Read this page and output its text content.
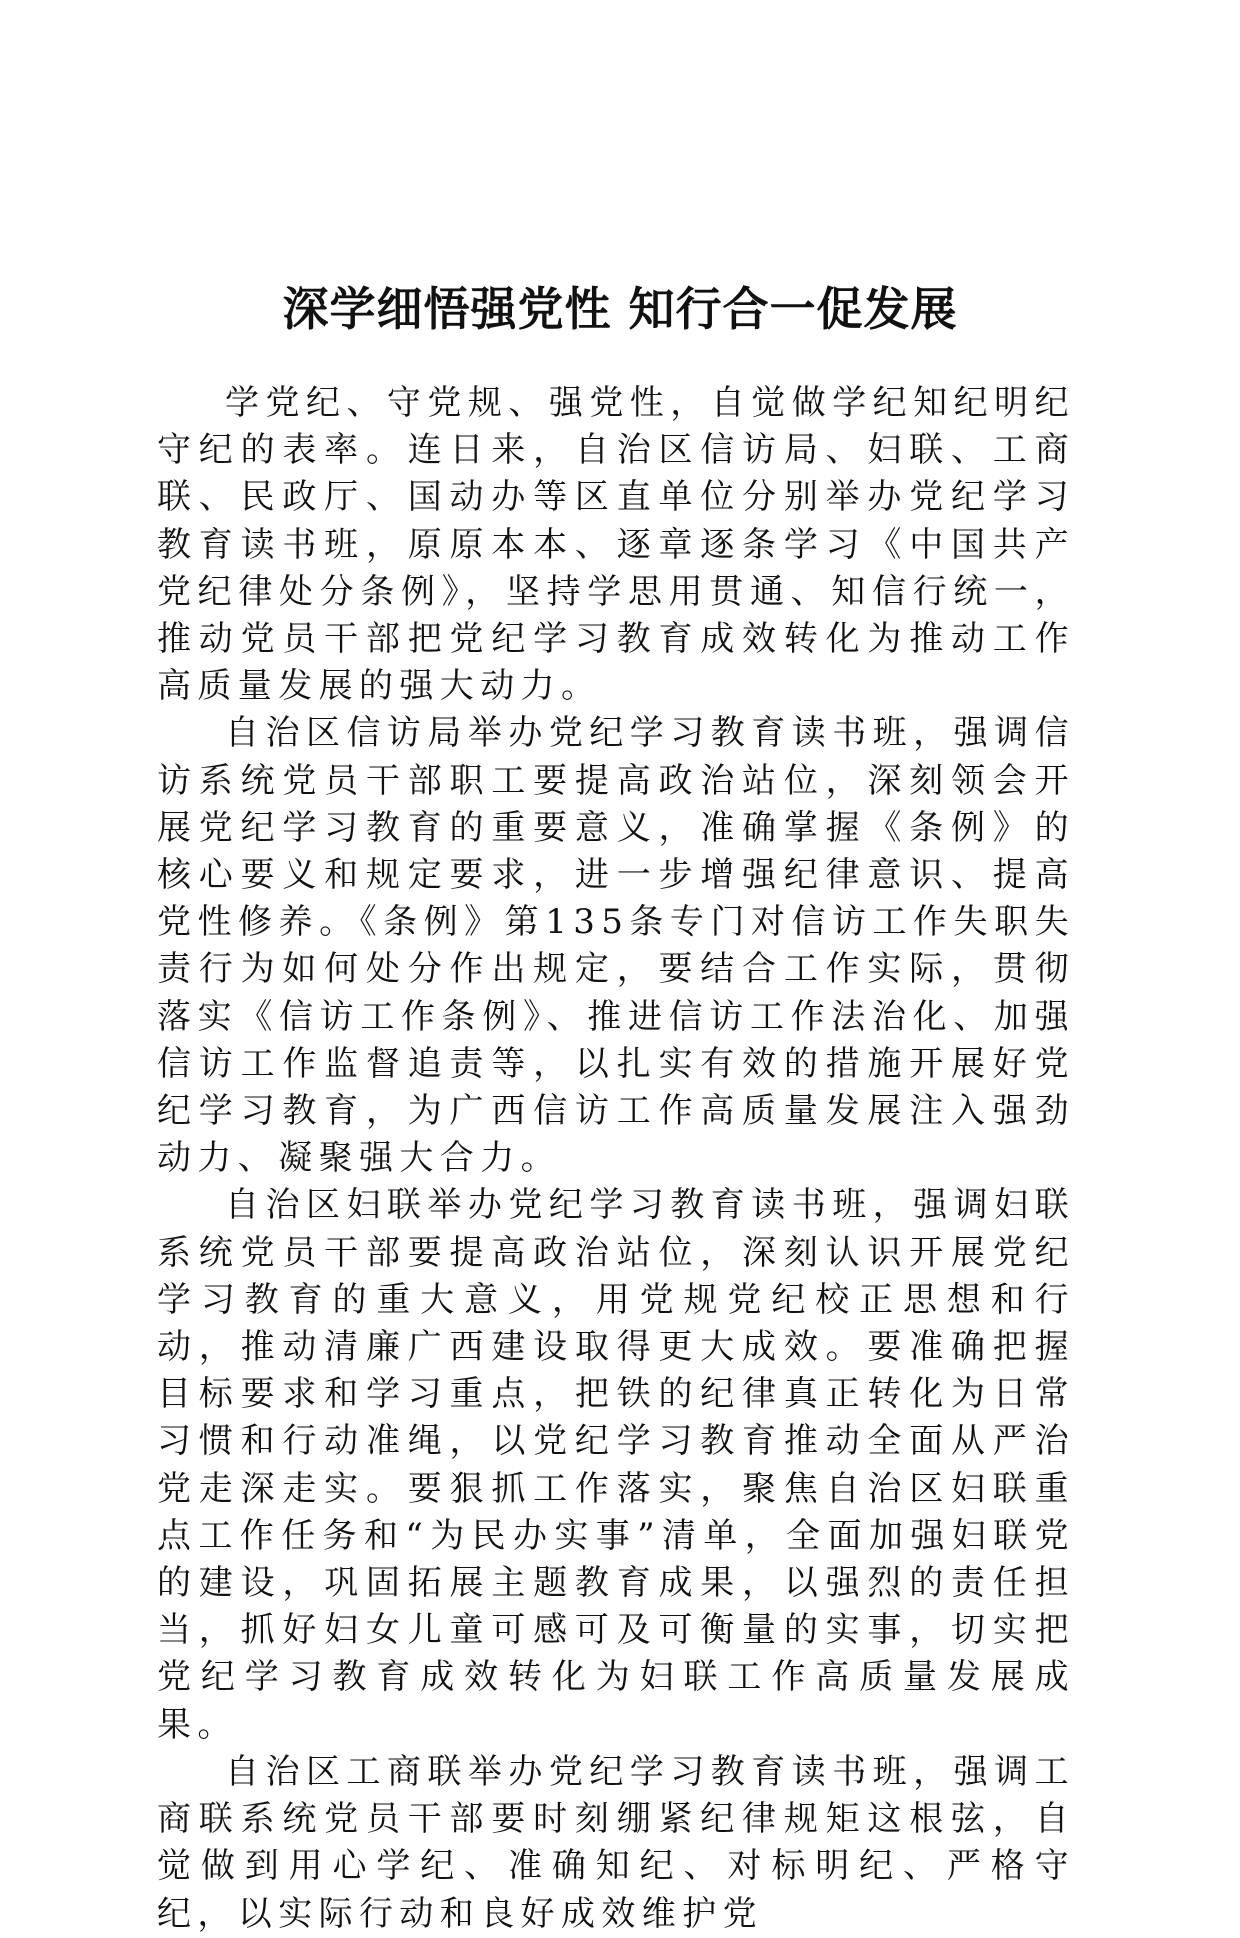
深学细悟强党性 知行合一促发展

学党纪、守党规、强党性，自觉做学纪知纪明纪守纪的表率。连日来，自治区信访局、妇联、工商联、民政厅、国动办等区直单位分别举办党纪学习教育读书班，原原本本、逐章逐条学习《中国共产党纪律处分条例》，坚持学思用贯通、知信行统一，推动党员干部把党纪学习教育成效转化为推动工作高质量发展的强大动力。

自治区信访局举办党纪学习教育读书班，强调信访系统党员干部职工要提高政治站位，深刻领会开展党纪学习教育的重要意义，准确掌握《条例》的核心要义和规定要求，进一步增强纪律意识、提高党性修养。《条例》第135条专门对信访工作失职失责行为如何处分作出规定，要结合工作实际，贯彻落实《信访工作条例》、推进信访工作法治化、加强信访工作监督追责等，以扎实有效的措施开展好党纪学习教育，为广西信访工作高质量发展注入强劲动力、凝聚强大合力。

自治区妇联举办党纪学习教育读书班，强调妇联系统党员干部要提高政治站位，深刻认识开展党纪学习教育的重大意义，用党规党纪校正思想和行动，推动清廉广西建设取得更大成效。要准确把握目标要求和学习重点，把铁的纪律真正转化为日常习惯和行动准绳，以党纪学习教育推动全面从严治党走深走实。要狠抓工作落实，聚焦自治区妇联重点工作任务和“为民办实事”清单，全面加强妇联党的建设，巩固拓展主题教育成果，以强烈的责任担当，抓好妇女儿童可感可及可衡量的实事，切实把党纪学习教育成效转化为妇联工作高质量发展成果。

自治区工商联举办党纪学习教育读书班，强调工商联系统党员干部要时刻绷紧纪律规矩这根弦，自觉做到用心学纪、准确知纪、对标明纪、严格守纪，以实际行动和良好成效维护党
